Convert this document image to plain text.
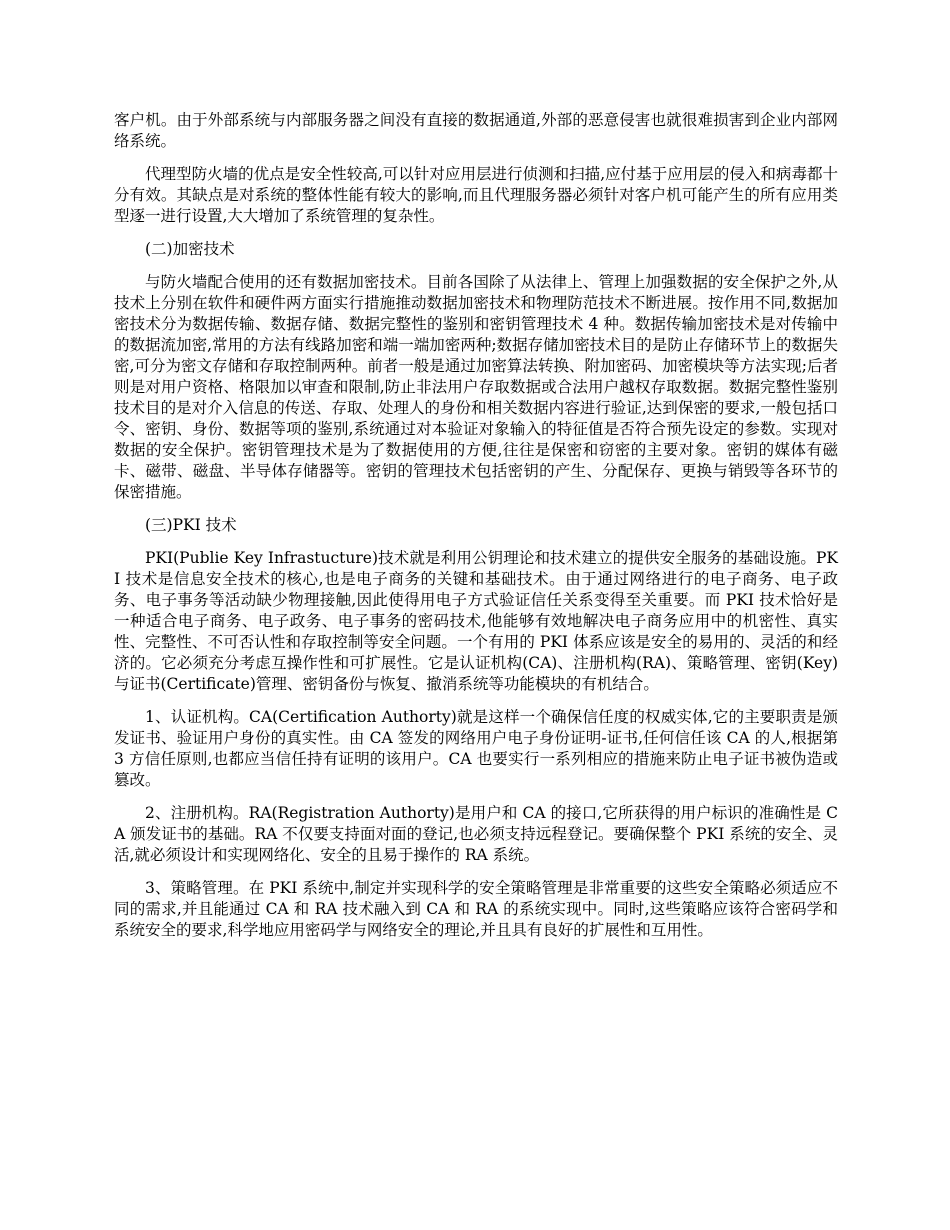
客户机。由于外部系统与内部服务器之间没有直接的数据通道,外部的恶意侵害也就很难损害到企业内部网络系统。

代理型防火墙的优点是安全性较高,可以针对应用层进行侦测和扫描,应付基于应用层的侵入和病毒都十分有效。其缺点是对系统的整体性能有较大的影响,而且代理服务器必须针对客户机可能产生的所有应用类型逐一进行设置,大大增加了系统管理的复杂性。

(二)加密技术

与防火墙配合使用的还有数据加密技术。目前各国除了从法律上、管理上加强数据的安全保护之外,从技术上分别在软件和硬件两方面实行措施推动数据加密技术和物理防范技术不断进展。按作用不同,数据加密技术分为数据传输、数据存储、数据完整性的鉴别和密钥管理技术 4 种。数据传输加密技术是对传输中的数据流加密,常用的方法有线路加密和端一端加密两种;数据存储加密技术目的是防止存储环节上的数据失密,可分为密文存储和存取控制两种。前者一般是通过加密算法转换、附加密码、加密模块等方法实现;后者则是对用户资格、格限加以审查和限制,防止非法用户存取数据或合法用户越权存取数据。数据完整性鉴别技术目的是对介入信息的传送、存取、处理人的身份和相关数据内容进行验证,达到保密的要求,一般包括口令、密钥、身份、数据等项的鉴别,系统通过对本验证对象输入的特征值是否符合预先设定的参数。实现对数据的安全保护。密钥管理技术是为了数据使用的方便,往往是保密和窃密的主要对象。密钥的媒体有磁卡、磁带、磁盘、半导体存储器等。密钥的管理技术包括密钥的产生、分配保存、更换与销毁等各环节的保密措施。

(三)PKI 技术

PKI(Publie Key Infrastucture)技术就是利用公钥理论和技术建立的提供安全服务的基础设施。PKI 技术是信息安全技术的核心,也是电子商务的关键和基础技术。由于通过网络进行的电子商务、电子政务、电子事务等活动缺少物理接触,因此使得用电子方式验证信任关系变得至关重要。而 PKI 技术恰好是一种适合电子商务、电子政务、电子事务的密码技术,他能够有效地解决电子商务应用中的机密性、真实性、完整性、不可否认性和存取控制等安全问题。一个有用的 PKI 体系应该是安全的易用的、灵活的和经济的。它必须充分考虑互操作性和可扩展性。它是认证机构(CA)、注册机构(RA)、策略管理、密钥(Key)与证书(Certificate)管理、密钥备份与恢复、撤消系统等功能模块的有机结合。

1、认证机构。CA(Certification Authorty)就是这样一个确保信任度的权威实体,它的主要职责是颁发证书、验证用户身份的真实性。由 CA 签发的网络用户电子身份证明-证书,任何信任该 CA 的人,根据第 3 方信任原则,也都应当信任持有证明的该用户。CA 也要实行一系列相应的措施来防止电子证书被伪造或篡改。

2、注册机构。RA(Registration Authorty)是用户和 CA 的接口,它所获得的用户标识的准确性是 CA 颁发证书的基础。RA 不仅要支持面对面的登记,也必须支持远程登记。要确保整个 PKI 系统的安全、灵活,就必须设计和实现网络化、安全的且易于操作的 RA 系统。

3、策略管理。在 PKI 系统中,制定并实现科学的安全策略管理是非常重要的这些安全策略必须适应不同的需求,并且能通过 CA 和 RA 技术融入到 CA 和 RA 的系统实现中。同时,这些策略应该符合密码学和系统安全的要求,科学地应用密码学与网络安全的理论,并且具有良好的扩展性和互用性。
